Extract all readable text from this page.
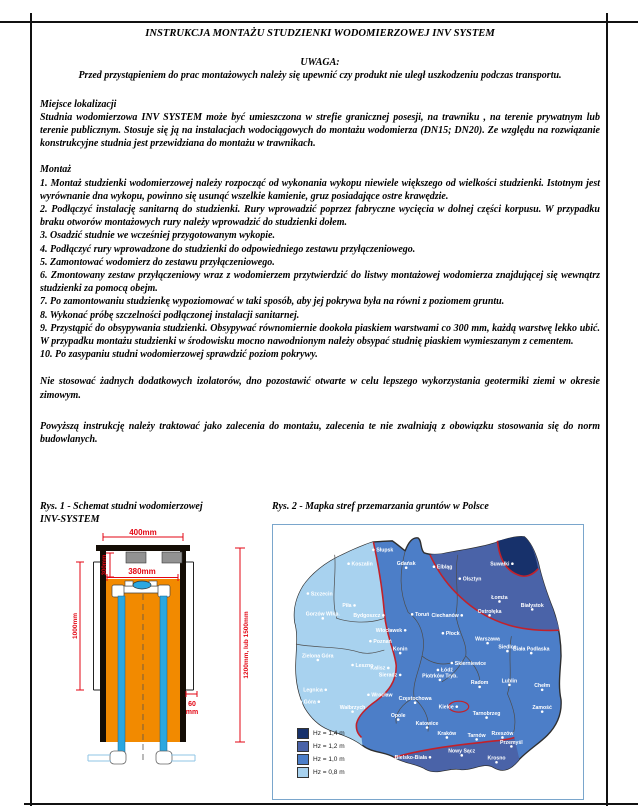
INSTRUKCJA MONTAŻU STUDZIENKI WODOMIERZOWEJ INV SYSTEM

UWAGA:

Przed przystąpieniem do prac montażowych należy się upewnić czy produkt nie uległ uszkodzeniu podczas transportu.

Miejsce lokalizacji

Studnia wodomierzowa INV SYSTEM może być umieszczona w strefie granicznej posesji, na trawniku , na terenie prywatnym lub terenie publicznym. Stosuje się ją na instalacjach wodociągowych do montażu wodomierza (DN15; DN20). Ze względu na rozwiązanie konstrukcyjne studnia jest przewidziana do montażu w trawnikach.

Montaż

1. Montaż studzienki wodomierzowej należy rozpocząć od wykonania wykopu niewiele większego od wielkości studzienki. Istotnym jest wyrównanie dna wykopu, powinno się usunąć wszelkie kamienie, gruz posiadające ostre krawędzie.

2. Podłączyć instalację sanitarną do studzienki. Rury wprowadzić poprzez fabryczne wycięcia w dolnej części korpusu. W przypadku braku otworów montażowych rury należy wprowadzić do studzienki dołem.

3. Osadzić studnie we wcześniej przygotowanym wykopie.

4. Podłączyć rury wprowadzone do studzienki do odpowiedniego zestawu przyłączeniowego.

5. Zamontować wodomierz do zestawu przyłączeniowego.

6. Zmontowany zestaw przyłączeniowy wraz z wodomierzem przytwierdzić do listwy montażowej wodomierza znajdującej się wewnątrz studzienki za pomocą obejm.

7. Po zamontowaniu studzienkę wypoziomować w taki sposób, aby jej pokrywa była na równi z poziomem gruntu.

8. Wykonać próbę szczelności podłączonej instalacji sanitarnej.

9. Przystąpić do obsypywania studzienki. Obsypywać równomiernie dookoła piaskiem warstwami co 300 mm, każdą warstwę lekko ubić. W przypadku montażu studzienki w środowisku mocno nawodnionym należy obsypać studnię piaskiem wymieszanym z cementem.

10. Po zasypaniu studni wodomierzowej sprawdzić poziom pokrywy.

Nie stosować żadnych dodatkowych izolatorów, dno pozostawić otwarte w celu lepszego wykorzystania geotermiki ziemi w okresie zimowym.

Powyższą instrukcję należy traktować jako zalecenia do montażu, zalecenia te nie zwalniają z obowiązku stosowania się do norm budowlanych.

Rys. 1 - Schemat studni wodomierzowej
INV-SYSTEM
Rys. 2 - Mapka stref przemarzania gruntów w Polsce
400mm
300mm	380mm
1000mm	1200mm, lub 1500mm
60
mm
Słupsk
Koszalin	Gdańsk
Elbląg
Olsztyn
Suwałki
Szczecin
Piła
Bydgoszcz	Toruń Ciechanów
Ostrołęka
Łomża
Białystok
Gorzów Wlkp.
Włocławek	Płock
Poznań
Konin
Warszawa
Siedlce
Biała Podlaska
Zielona Góra
Leszno	Skierniewice
Kalisz
Sieradz
Łódź
Piotrków Tryb.
Radom	Lublin
Chełm
Legnica
Jelenia Góra
Wrocław
Wałbrzych
Częstochowa
Kielce
Tarnobrzeg
Zamość
Opole
Katowice
Kraków Tarnów Rzeszów
Przemyśl
Bielsko-Biała
Nowy Sącz
Krosno
Hz = 1,4 m
Hz = 1,2 m
Hz = 1,0 m
Hz = 0,8 m
